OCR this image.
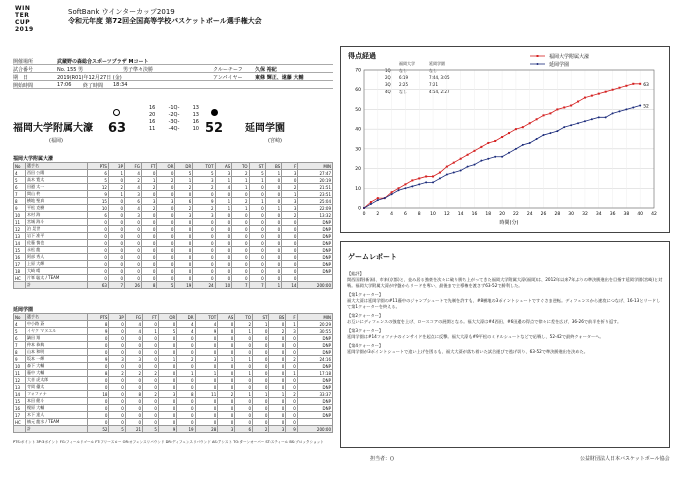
WIN TER CUP 2019
SoftBank ウインターカップ2019
令和元年度 第72回全国高等学校バスケットボール選手権大会
開催場所	武蔵野の森総合スポーツプラザ Mコート
試合番号	No. 155 男	男子準々決勝	クルーチーフ 久保 裕紀
期　日	2019(R01)年12月27日 (金)	アンパイヤー	東條 輝正、遠藤 大輔
開始時間	17:06 終了時間 18:34
福岡大学附属大濠
(福岡)
63
16	-1Q-	13
20	-2Q-	13
16	-3Q-	16
11	-4Q-	10 52 延岡学園
(宮崎)
福岡大学附属大濠
No	選手名	PTS	3P	FG	FT	OR	DR	TOT	AS	TO	ST	BS	F	MIN
4	西田 公陽	6	1	4	0	0	5	5	3	2	5	1	3	27:47
5	高木 寛太	5	0	2	1	2	1	3	1	1	1	0	0	20:19
6	田邉 太一	12	2	4	2	0	2	2	4	1	0	0	2	21:51
7	間山 柊	9	1	3	0	0	0	0	0	0	0	0	1	23:51
8	横地 聖真	15	0	6	3	3	6	9	1	2	1	0	3	25:04
9	平松 克樹	10	0	4	2	0	2	2	1	1	0	1	3	22:09
10	木村 海	6	0	3	0	0	3	3	0	0	0	0	2	13:32
11	宮城 海斗	0	0	0	0	0	0	0	0	0	0	0	0	DNP
12	泊 晃世	0	0	0	0	0	0	0	0	0	0	0	0	DNP
13	岩下 准平	0	0	0	0	0	0	0	0	0	0	0	0	DNP
14	佐藤 慎也	0	0	0	0	0	0	0	0	0	0	0	0	DNP
15	永松 龍	0	0	0	0	0	0	0	0	0	0	0	0	DNP
16	阿部 秀人	0	0	0	0	0	0	0	0	0	0	0	0	DNP
17	上原 大輝	0	0	0	0	0	0	0	0	0	0	0	0	DNP
18	大崎 晴	0	0	0	0	0	0	0	0	0	0	0	0	DNP
HC	片峯 聡太 / TEAM	0	0	0	0	0	0	0	0	0	0	0	0	
	計	63	7	26	8	5	19	24	10	7	7	1	14	200:00
延岡学園
No	選手名	PTS	3P	FG	FT	OR	DR	TOT	AS	TO	ST	BS	F	MIN
4	中小路 蒼	8	0	4	0	0	4	4	0	2	1	0	1	20:29
5	イヤク マヌエル	9	0	4	1	5	4	9	0	1	0	2	3	30:55
6	鍋田 翔	0	0	0	0	0	0	0	0	0	0	0	0	DNP
7	仲本 恭典	0	0	0	0	0	0	0	0	0	0	0	0	DNP
8	山本 和明	0	0	0	0	0	0	0	0	0	0	0	0	DNP
9	坂本 一輝	9	3	3	0	1	2	3	1	1	0	0	2	24:16
10	森下 大輔	0	0	0	0	0	0	0	0	0	0	0	0	DNP
11	藤中 大輔	8	2	2	2	0	1	1	0	1	0	0	1	17:18
12	大音 虎太郎	0	0	0	0	0	0	0	0	0	0	0	0	DNP
13	寺岡 優太	0	0	0	0	0	0	0	0	0	0	0	0	DNP
14	フォファナ	18	0	8	2	3	8	11	2	1	1	1	2	33:37
15	本田 健斗	0	0	0	0	0	0	0	0	0	0	0	0	DNP
16	榎原 大輔	0	0	0	0	0	0	0	0	0	0	0	0	DNP
17	木下 達人	0	0	0	0	0	0	0	0	0	0	0	0	DNP
HC	楠元 龍水 / TEAM	0	0	0	0	0	0	0	0	0	0	0	0	
	計	52	5	21	5	9	19	28	3	6	2	3	9	200:00
PTS:ポイント 3P:3ポイント FG:フィールドゴール FT:フリースロー OR:オフェンスリバウンド DR:ディフェンスリバウンド AS:アシスト TO:ターンオーバー ST:スティール BS:ブロックショット
得点経過
福岡大学	延岡学園
1Q なし	なし
2Q 6:19	7:44, 3:05
3Q 2:25	7:21
4Q なし	4:54, 2:27
0
10
20
30
40
50
60
70
0 2 4 6 8 10 12 14 16 18 20 22 24 26 28 30 32 34 36 38 40 42
時間(分)
63
福岡大学附属大濠
52
延岡学園
ゲームレポート
【総評】
関西国際(新潟)、市来(京都)と、並み居る強豪を次々に破り勝ち上がってきた福岡大学附属大濠(福岡)は、2012年以来7年ぶりの準決勝進出を目指す延岡学園(宮崎)と対戦。福岡大学附属大濠が序盤からリードを奪い、最後まで主導権を渡さず63-52で勝利した。
【第1クォーター】
福大大濠は延岡学園の#11藤中のジャンプシュートで先制を許すも、#8横地の3ポイントシュートですぐさま逆転。ディフェンスから速攻につなげ、16-13とリードして第1クォーターを終える。
【第2クォーター】
お互いにディフェンスの強度を上げ、ロースコアの展開となる。福大大濠は#4西田、#6田邉の得点で徐々に差を広げ、36-26で前半を折り返す。
【第3クォーター】
延岡学園は#14フォファナのインサイドを起点に反撃。福大大濠も#9平松のミドルシュートなどで応戦し、52-42で最終クォーターへ。
【第4クォーター】
延岡学園が3ポイントシュートで追い上げを図るも、福大大濠が落ち着いた試合運びで逃げ切り、63-52で準決勝進出を決めた。
担当者：()	公益財団法人日本バスケットボール協会
